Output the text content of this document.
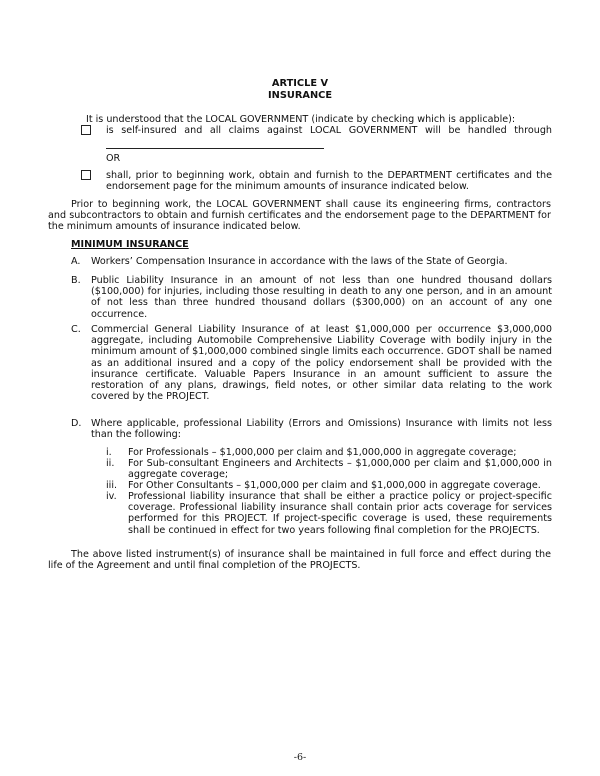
ARTICLE V
INSURANCE
It is understood that the LOCAL GOVERNMENT (indicate by checking which is applicable):
is self-insured and all claims against LOCAL GOVERNMENT will be handled through
OR
shall, prior to beginning work, obtain and furnish to the DEPARTMENT certificates and the endorsement page for the minimum amounts of insurance indicated below.
Prior to beginning work, the LOCAL GOVERNMENT shall cause its engineering firms, contractors and subcontractors to obtain and furnish certificates and the endorsement page to the DEPARTMENT for the minimum amounts of insurance indicated below.
MINIMUM INSURANCE
A. Workers’ Compensation Insurance in accordance with the laws of the State of Georgia.
B. Public Liability Insurance in an amount of not less than one hundred thousand dollars ($100,000) for injuries, including those resulting in death to any one person, and in an amount of not less than three hundred thousand dollars ($300,000) on an account of any one occurrence.
C. Commercial General Liability Insurance of at least $1,000,000 per occurrence $3,000,000 aggregate, including Automobile Comprehensive Liability Coverage with bodily injury in the minimum amount of $1,000,000 combined single limits each occurrence. GDOT shall be named as an additional insured and a copy of the policy endorsement shall be provided with the insurance certificate. Valuable Papers Insurance in an amount sufficient to assure the restoration of any plans, drawings, field notes, or other similar data relating to the work covered by the PROJECT.
D. Where applicable, professional Liability (Errors and Omissions) Insurance with limits not less than the following:
i.	For Professionals – $1,000,000 per claim and $1,000,000 in aggregate coverage;
ii.	For Sub-consultant Engineers and Architects – $1,000,000 per claim and $1,000,000 in aggregate coverage;
iii.	For Other Consultants – $1,000,000 per claim and $1,000,000 in aggregate coverage.
iv.	Professional liability insurance that shall be either a practice policy or project-specific coverage. Professional liability insurance shall contain prior acts coverage for services performed for this PROJECT. If project-specific coverage is used, these requirements shall be continued in effect for two years following final completion for the PROJECTS.
The above listed instrument(s) of insurance shall be maintained in full force and effect during the life of the Agreement and until final completion of the PROJECTS.
-6-
